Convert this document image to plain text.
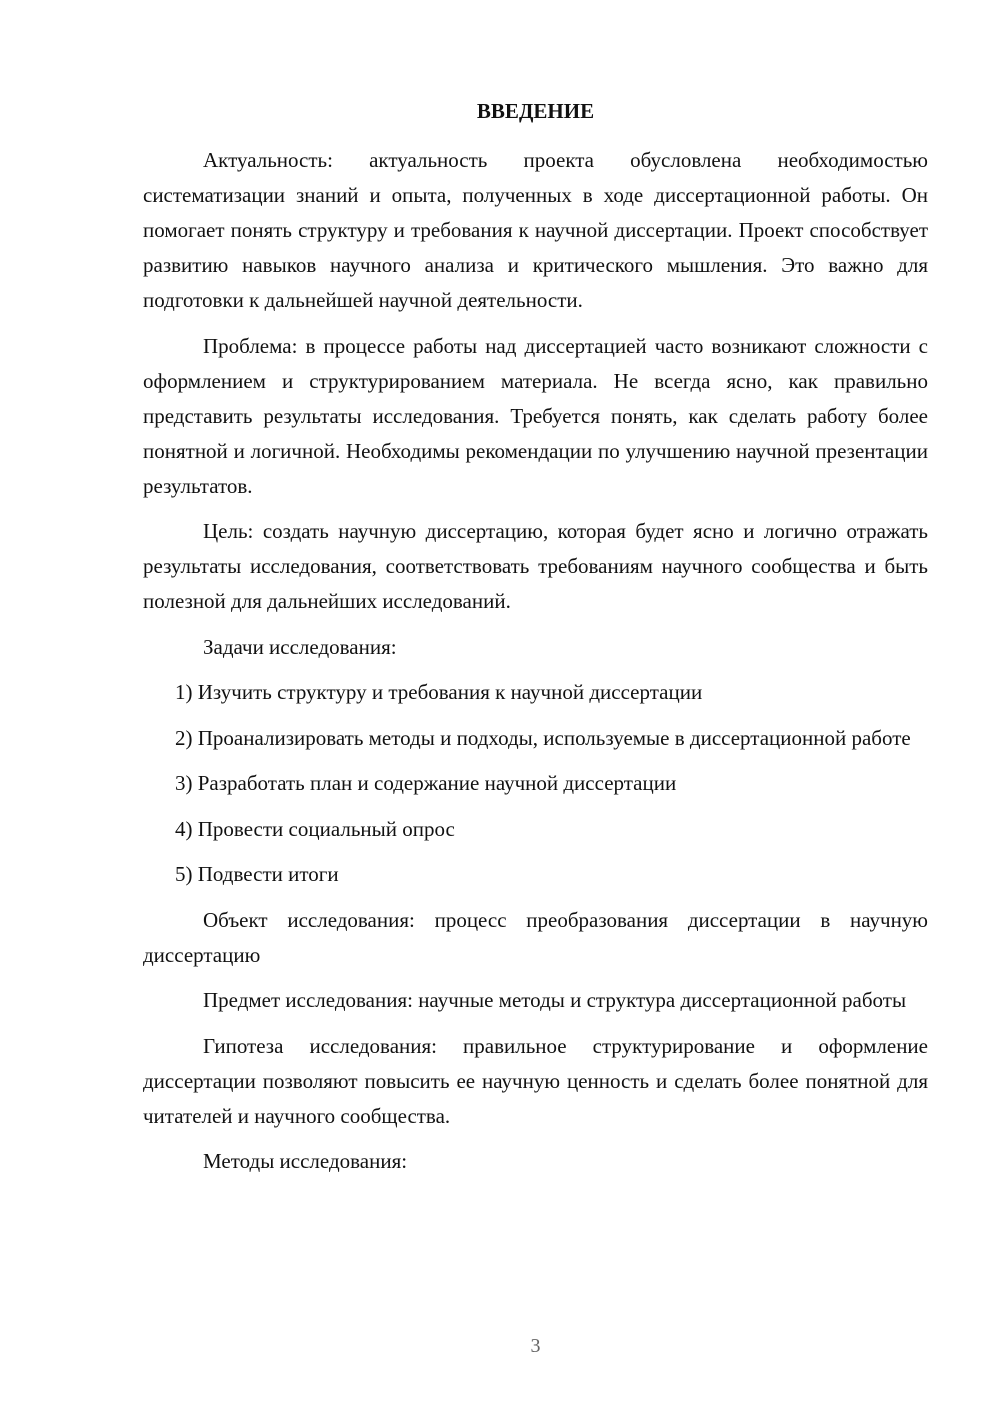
ВВЕДЕНИЕ

Актуальность: актуальность проекта обусловлена необходимостью систематизации знаний и опыта, полученных в ходе диссертационной работы. Он помогает понять структуру и требования к научной диссертации. Проект способствует развитию навыков научного анализа и критического мышления. Это важно для подготовки к дальнейшей научной деятельности.

Проблема: в процессе работы над диссертацией часто возникают сложности с оформлением и структурированием материала. Не всегда ясно, как правильно представить результаты исследования. Требуется понять, как сделать работу более понятной и логичной. Необходимы рекомендации по улучшению научной презентации результатов.

Цель: создать научную диссертацию, которая будет ясно и логично отражать результаты исследования, соответствовать требованиям научного сообщества и быть полезной для дальнейших исследований.

Задачи исследования:

1) Изучить структуру и требования к научной диссертации

2) Проанализировать методы и подходы, используемые в диссертационной работе

3) Разработать план и содержание научной диссертации

4) Провести социальный опрос

5) Подвести итоги

Объект исследования: процесс преобразования диссертации в научную диссертацию

Предмет исследования: научные методы и структура диссертационной работы

Гипотеза исследования: правильное структурирование и оформление диссертации позволяют повысить ее научную ценность и сделать более понятной для читателей и научного сообщества.

Методы исследования:

3
